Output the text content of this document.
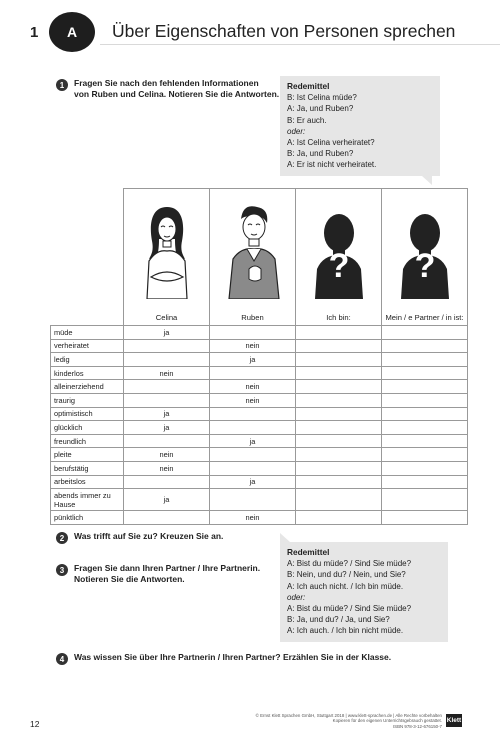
1	A	Über Eigenschaften von Personen sprechen
1	Fragen Sie nach den fehlenden Informationen
von Ruben und Celina. Notieren Sie die Antworten.
Redemittel
B: Ist Celina müde?
A: Ja, und Ruben?
B: Er auch.
oder:
A: Ist Celina verheiratet?
B: Ja, und Ruben?
A: Er ist nicht verheiratet.

?	?

	Celina	Ruben	Ich bin:	Mein / e Partner / in ist:
müde	ja			
verheiratet		nein		
ledig		ja		
kinderlos	nein			
alleinerziehend		nein		
traurig		nein		
optimistisch	ja			
glücklich	ja			
freundlich		ja		
pleite	nein			
berufstätig	nein			
arbeitslos		ja		
abends immer zu Hause	ja			
pünktlich		nein		
2	Was trifft auf Sie zu? Kreuzen Sie an.
3	Fragen Sie dann Ihren Partner / Ihre Partnerin.
Notieren Sie die Antworten.
Redemittel
A: Bist du müde? / Sind Sie müde?
B: Nein, und du? / Nein, und Sie?
A: Ich auch nicht. / Ich bin müde.
oder:
A: Bist du müde? / Sind Sie müde?
B: Ja, und du? / Ja, und Sie?
A: Ich auch. / Ich bin nicht müde.
4	Was wissen Sie über Ihre Partnerin / Ihren Partner? Erzählen Sie in der Klasse.
12
© Ernst Klett Sprachen GmbH, Stuttgart 2018 | www.klett-sprachen.de | Alle Rechte vorbehalten
Kopieren für den eigenen Unterrichtsgebrauch gestattet.
ISBN 978-3-12-676150-7
Klett
